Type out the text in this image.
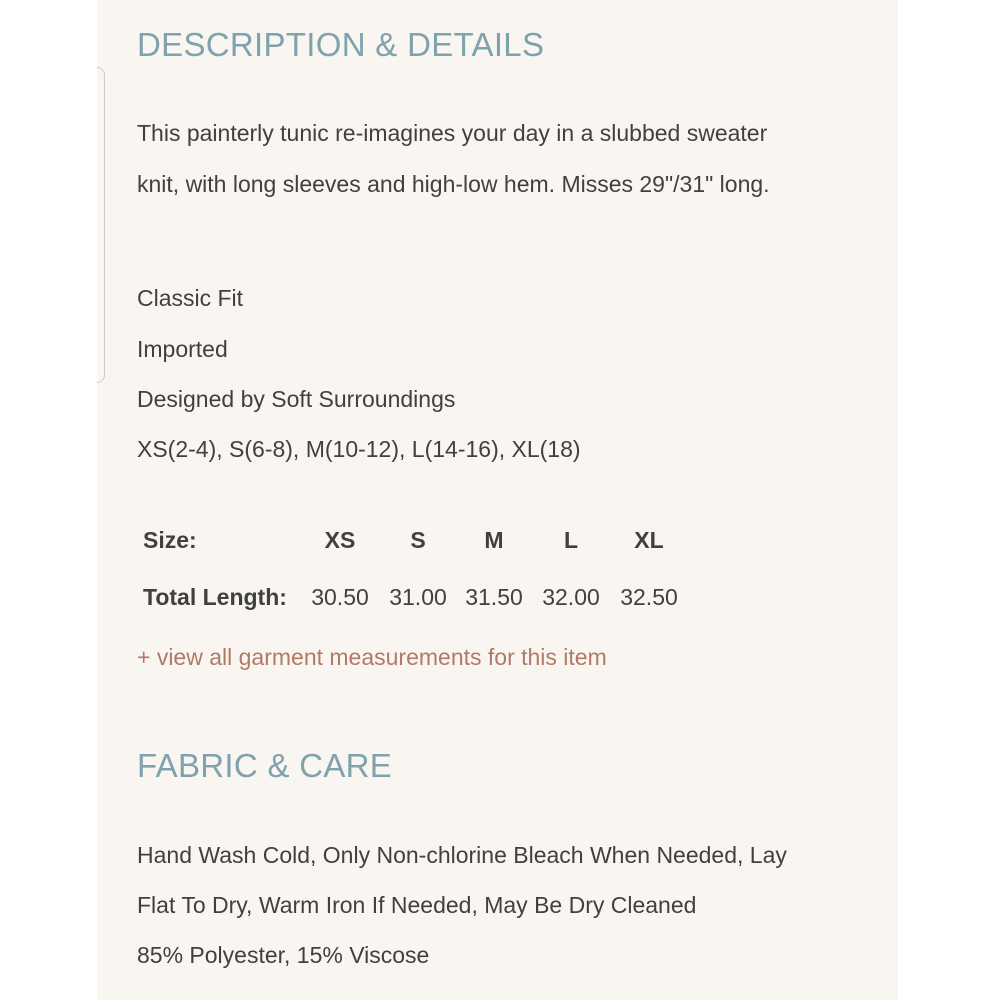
DESCRIPTION & DETAILS

This painterly tunic re-imagines your day in a slubbed sweater

knit, with long sleeves and high-low hem. Misses 29"/31" long.

Classic Fit

Imported

Designed by Soft Surroundings

XS(2-4), S(6-8), M(10-12), L(14-16), XL(18)

Size:	XS S	M	L XL
Total Length: 30.50 31.00 31.50 32.00 32.50
+ view all garment measurements for this item
FABRIC & CARE

Hand Wash Cold, Only Non-chlorine Bleach When Needed, Lay

Flat To Dry, Warm Iron If Needed, May Be Dry Cleaned

85% Polyester, 15% Viscose
